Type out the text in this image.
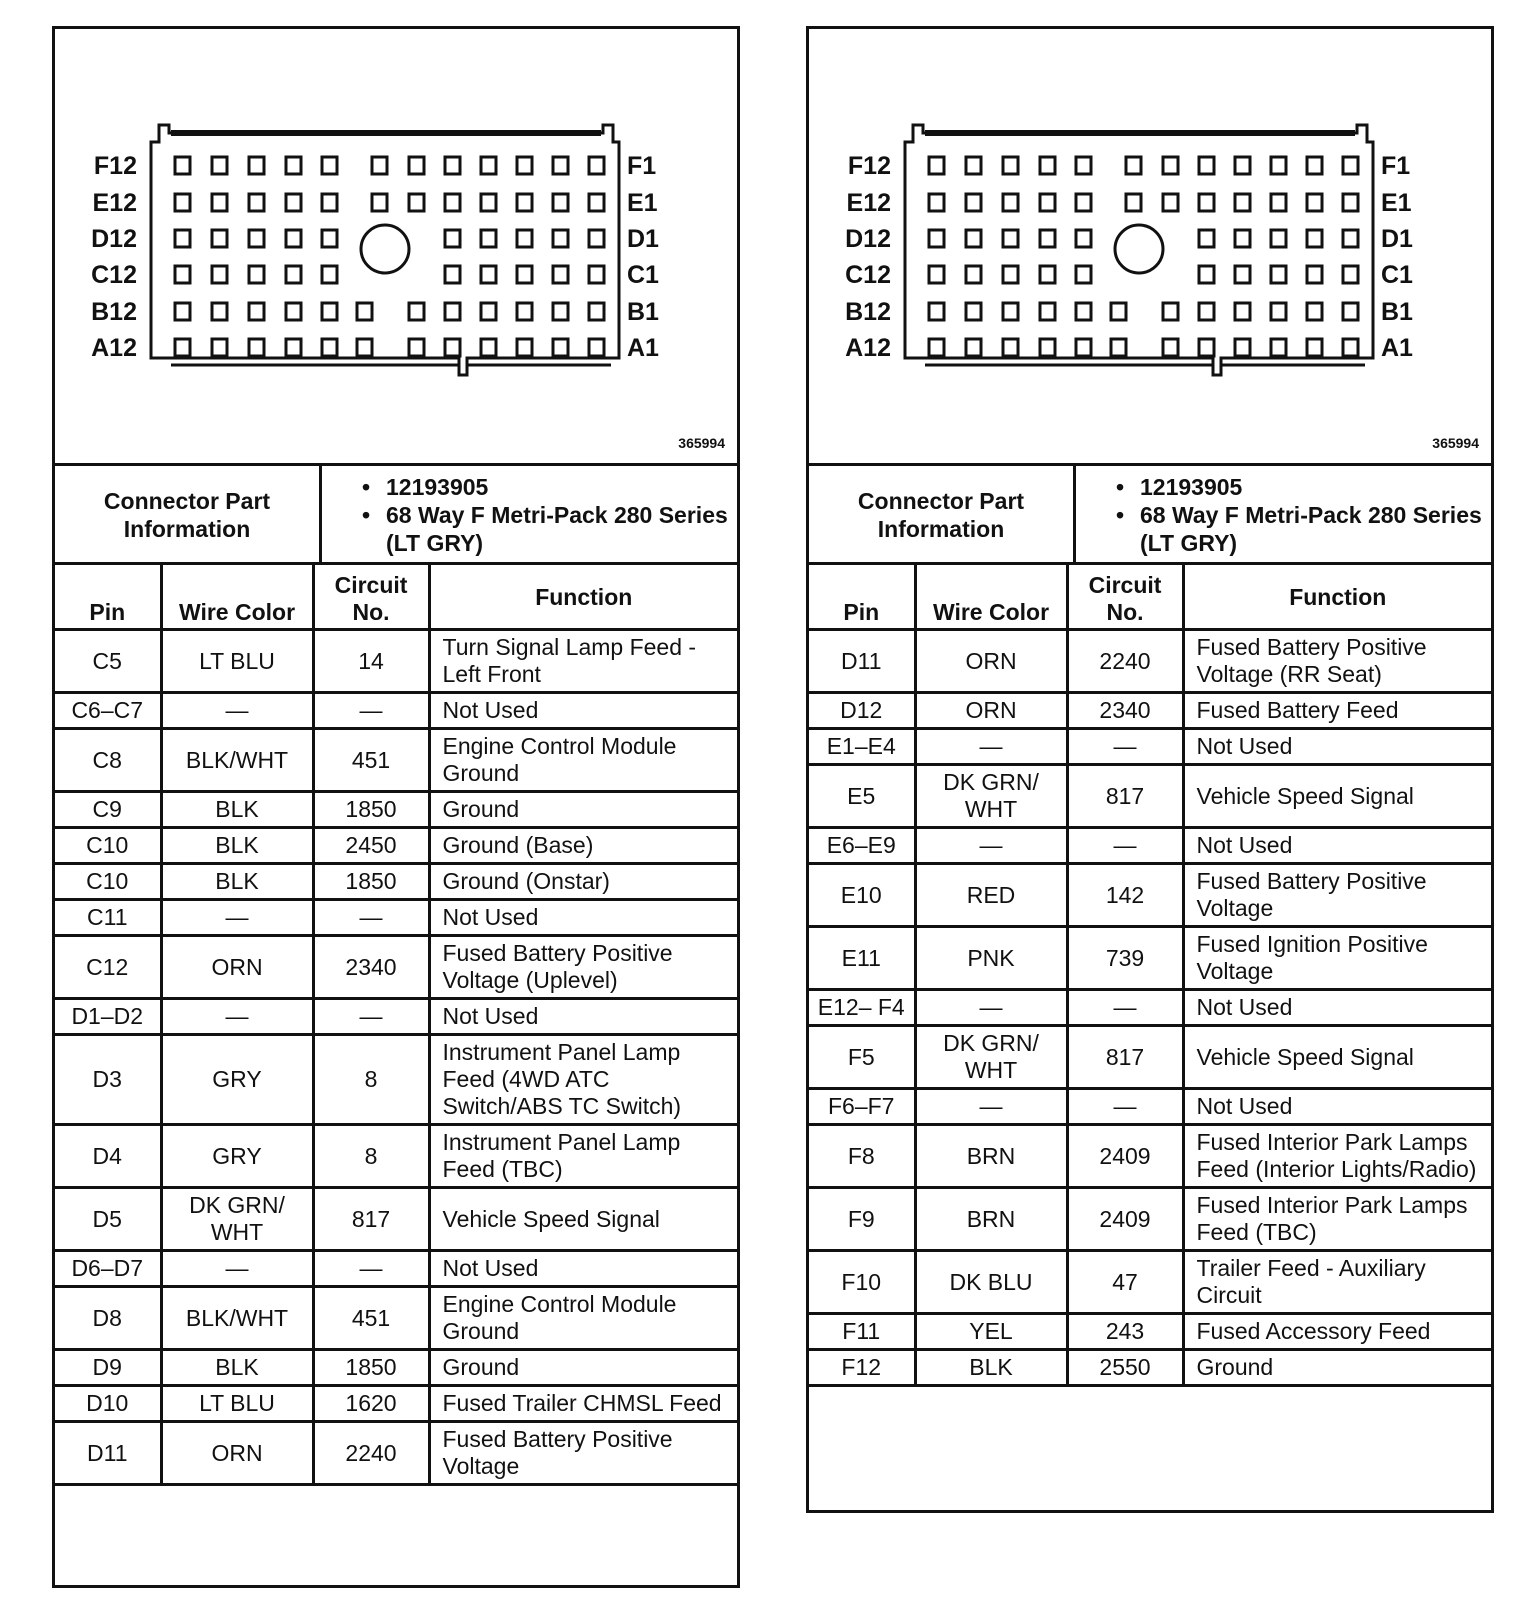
F12
E12
D12
C12
B12
A12
F1
E1
D1
C1
B1
A1
365994
Connector Part Information	
• 12193905
• 68 Way F Metri-Pack 280 Series (LT GRY)
Pin	Wire Color	Circuit No.	Function
C5	LT BLU	14	Turn Signal Lamp Feed - Left Front
C6–C7	—	—	Not Used
C8	BLK/WHT	451	Engine Control Module Ground
C9	BLK	1850	Ground
C10	BLK	2450	Ground (Base)
C10	BLK	1850	Ground (Onstar)
C11	—	—	Not Used
C12	ORN	2340	Fused Battery Positive Voltage (Uplevel)
D1–D2	—	—	Not Used
D3	GRY	8	Instrument Panel Lamp Feed (4WD ATC Switch/ABS TC Switch)
D4	GRY	8	Instrument Panel Lamp Feed (TBC)
D5	DK GRN/ WHT	817	Vehicle Speed Signal
D6–D7	—	—	Not Used
D8	BLK/WHT	451	Engine Control Module Ground
D9	BLK	1850	Ground
D10	LT BLU	1620	Fused Trailer CHMSL Feed
D11	ORN	2240	Fused Battery Positive Voltage
F12
E12
D12
C12
B12
A12
F1
E1
D1
C1
B1
A1
365994
Connector Part Information	
• 12193905
• 68 Way F Metri-Pack 280 Series (LT GRY)
Pin	Wire Color	Circuit No.	Function
D11	ORN	2240	Fused Battery Positive Voltage (RR Seat)
D12	ORN	2340	Fused Battery Feed
E1–E4	—	—	Not Used
E5	DK GRN/ WHT	817	Vehicle Speed Signal
E6–E9	—	—	Not Used
E10	RED	142	Fused Battery Positive Voltage
E11	PNK	739	Fused Ignition Positive Voltage
E12– F4	—	—	Not Used
F5	DK GRN/ WHT	817	Vehicle Speed Signal
F6–F7	—	—	Not Used
F8	BRN	2409	Fused Interior Park Lamps Feed (Interior Lights/Radio)
F9	BRN	2409	Fused Interior Park Lamps Feed (TBC)
F10	DK BLU	47	Trailer Feed - Auxiliary Circuit
F11	YEL	243	Fused Accessory Feed
F12	BLK	2550	Ground
